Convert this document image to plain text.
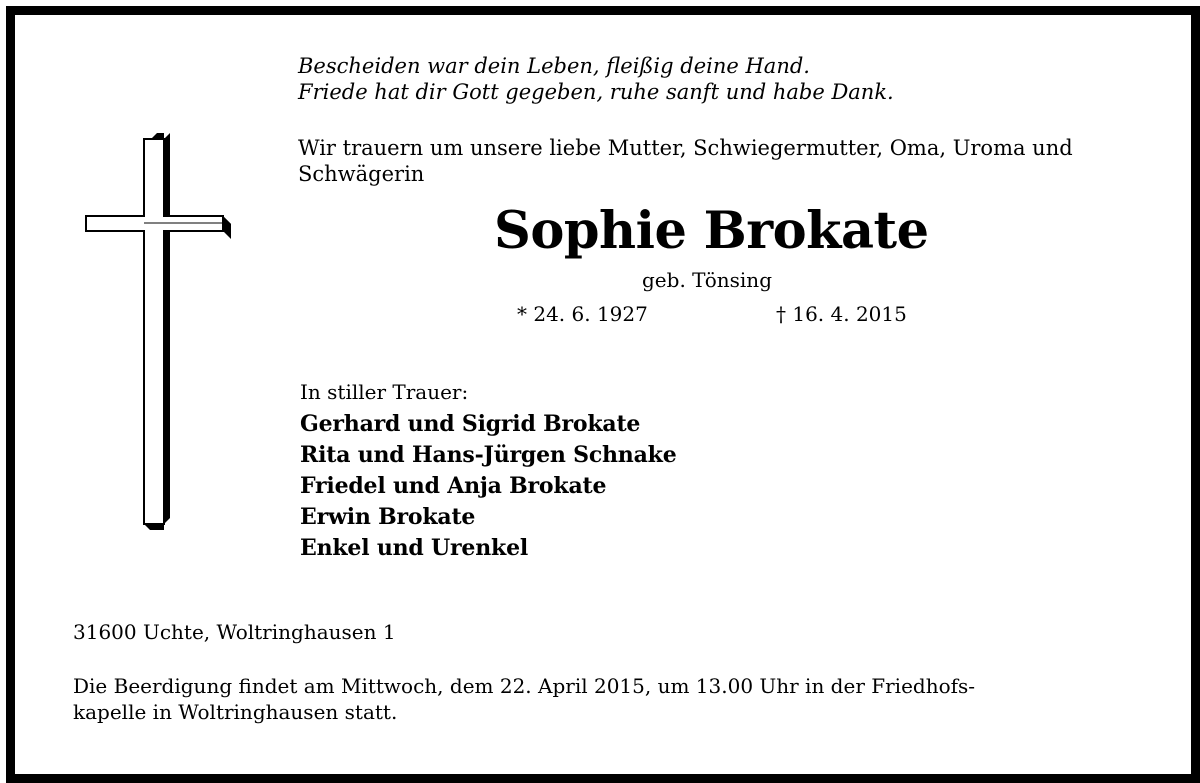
Bescheiden war dein Leben, fleißig deine Hand.
Friede hat dir Gott gegeben, ruhe sanft und habe Dank.
Wir trauern um unsere liebe Mutter, Schwiegermutter, Oma, Uroma und
Schwägerin
Sophie Brokate
geb. Tönsing
* 24. 6. 1927	† 16. 4. 2015
In stiller Trauer:
Gerhard und Sigrid Brokate
Rita und Hans-Jürgen Schnake
Friedel und Anja Brokate
Erwin Brokate
Enkel und Urenkel
31600 Uchte, Woltringhausen 1
Die Beerdigung findet am Mittwoch, dem 22. April 2015, um 13.00 Uhr in der Friedhofs-
kapelle in Woltringhausen statt.
